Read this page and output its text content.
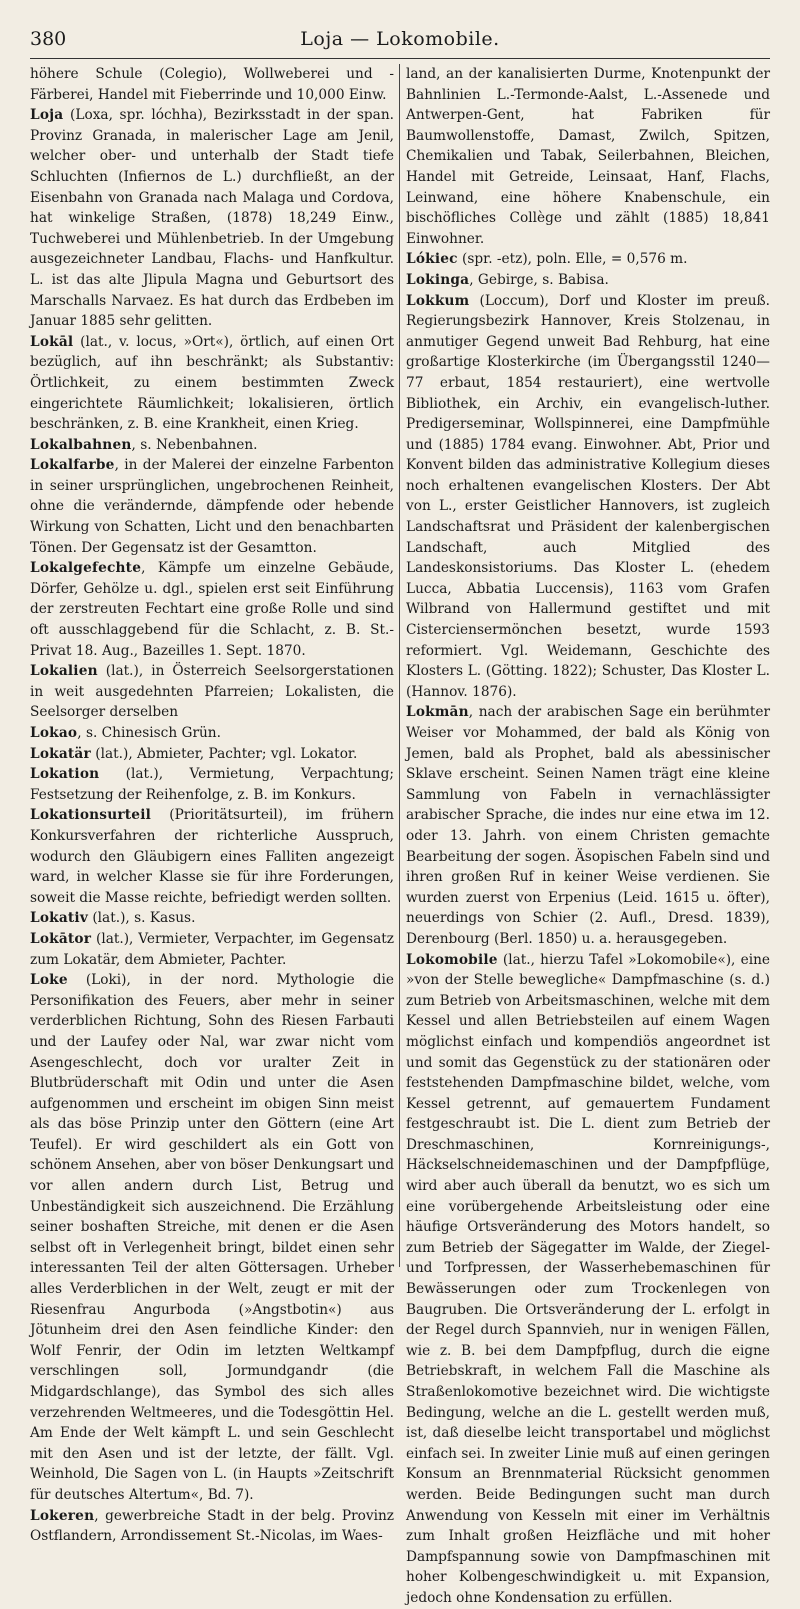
380	Loja — Lokomobile.

höhere Schule (Colegio), Wollweberei und -Färberei, Handel mit Fieberrinde und 10,000 Einw.

Loja (Loxa, spr. lóchha), Bezirksstadt in der span. Provinz Granada, in malerischer Lage am Jenil, welcher ober- und unterhalb der Stadt tiefe Schluchten (Infiernos de L.) durchfließt, an der Eisenbahn von Granada nach Malaga und Cordova, hat winkelige Straßen, (1878) 18,249 Einw., Tuchweberei und Mühlenbetrieb. In der Umgebung ausgezeichneter Landbau, Flachs- und Hanfkultur. L. ist das alte Jlipula Magna und Geburtsort des Marschalls Narvaez. Es hat durch das Erdbeben im Januar 1885 sehr gelitten.

Lokāl (lat., v. locus, »Ort«), örtlich, auf einen Ort bezüglich, auf ihn beschränkt; als Substantiv: Örtlichkeit, zu einem bestimmten Zweck eingerichtete Räumlichkeit; lokalisieren, örtlich beschränken, z. B. eine Krankheit, einen Krieg.

Lokalbahnen, s. Nebenbahnen.

Lokalfarbe, in der Malerei der einzelne Farbenton in seiner ursprünglichen, ungebrochenen Reinheit, ohne die verändernde, dämpfende oder hebende Wirkung von Schatten, Licht und den benachbarten Tönen. Der Gegensatz ist der Gesamtton.

Lokalgefechte, Kämpfe um einzelne Gebäude, Dörfer, Gehölze u. dgl., spielen erst seit Einführung der zerstreuten Fechtart eine große Rolle und sind oft ausschlaggebend für die Schlacht, z. B. St.-Privat 18. Aug., Bazeilles 1. Sept. 1870.

Lokalien (lat.), in Österreich Seelsorgerstationen in weit ausgedehnten Pfarreien; Lokalisten, die Seelsorger derselben

Lokao, s. Chinesisch Grün.

Lokatär (lat.), Abmieter, Pachter; vgl. Lokator.

Lokation (lat.), Vermietung, Verpachtung; Festsetzung der Reihenfolge, z. B. im Konkurs.

Lokationsurteil (Prioritätsurteil), im frühern Konkursverfahren der richterliche Ausspruch, wodurch den Gläubigern eines Falliten angezeigt ward, in welcher Klasse sie für ihre Forderungen, soweit die Masse reichte, befriedigt werden sollten.

Lokativ (lat.), s. Kasus.

Lokātor (lat.), Vermieter, Verpachter, im Gegensatz zum Lokatär, dem Abmieter, Pachter.

Loke (Loki), in der nord. Mythologie die Personifikation des Feuers, aber mehr in seiner verderblichen Richtung, Sohn des Riesen Farbauti und der Laufey oder Nal, war zwar nicht vom Asengeschlecht, doch vor uralter Zeit in Blutbrüderschaft mit Odin und unter die Asen aufgenommen und erscheint im obigen Sinn meist als das böse Prinzip unter den Göttern (eine Art Teufel). Er wird geschildert als ein Gott von schönem Ansehen, aber von böser Denkungsart und vor allen andern durch List, Betrug und Unbeständigkeit sich auszeichnend. Die Erzählung seiner boshaften Streiche, mit denen er die Asen selbst oft in Verlegenheit bringt, bildet einen sehr interessanten Teil der alten Göttersagen. Urheber alles Verderblichen in der Welt, zeugt er mit der Riesenfrau Angurboda (»Angstbotin«) aus Jötunheim drei den Asen feindliche Kinder: den Wolf Fenrir, der Odin im letzten Weltkampf verschlingen soll, Jormundgandr (die Midgardschlange), das Symbol des sich alles verzehrenden Weltmeeres, und die Todesgöttin Hel. Am Ende der Welt kämpft L. und sein Geschlecht mit den Asen und ist der letzte, der fällt. Vgl. Weinhold, Die Sagen von L. (in Haupts »Zeitschrift für deutsches Altertum«, Bd. 7).

Lokeren, gewerbreiche Stadt in der belg. Provinz Ostflandern, Arrondissement St.-Nicolas, im Waes-

land, an der kanalisierten Durme, Knotenpunkt der Bahnlinien L.-Termonde-Aalst, L.-Assenede und Antwerpen-Gent, hat Fabriken für Baumwollenstoffe, Damast, Zwilch, Spitzen, Chemikalien und Tabak, Seilerbahnen, Bleichen, Handel mit Getreide, Leinsaat, Hanf, Flachs, Leinwand, eine höhere Knabenschule, ein bischöfliches Collège und zählt (1885) 18,841 Einwohner.

Lókiec (spr. -etz), poln. Elle, = 0,576 m.

Lokinga, Gebirge, s. Babisa.

Lokkum (Loccum), Dorf und Kloster im preuß. Regierungsbezirk Hannover, Kreis Stolzenau, in anmutiger Gegend unweit Bad Rehburg, hat eine großartige Klosterkirche (im Übergangsstil 1240—77 erbaut, 1854 restauriert), eine wertvolle Bibliothek, ein Archiv, ein evangelisch-luther. Predigerseminar, Wollspinnerei, eine Dampfmühle und (1885) 1784 evang. Einwohner. Abt, Prior und Konvent bilden das administrative Kollegium dieses noch erhaltenen evangelischen Klosters. Der Abt von L., erster Geistlicher Hannovers, ist zugleich Landschaftsrat und Präsident der kalenbergischen Landschaft, auch Mitglied des Landeskonsistoriums. Das Kloster L. (ehedem Lucca, Abbatia Luccensis), 1163 vom Grafen Wilbrand von Hallermund gestiftet und mit Cisterciensermönchen besetzt, wurde 1593 reformiert. Vgl. Weidemann, Geschichte des Klosters L. (Götting. 1822); Schuster, Das Kloster L. (Hannov. 1876).

Lokmān, nach der arabischen Sage ein berühmter Weiser vor Mohammed, der bald als König von Jemen, bald als Prophet, bald als abessinischer Sklave erscheint. Seinen Namen trägt eine kleine Sammlung von Fabeln in vernachlässigter arabischer Sprache, die indes nur eine etwa im 12. oder 13. Jahrh. von einem Christen gemachte Bearbeitung der sogen. Äsopischen Fabeln sind und ihren großen Ruf in keiner Weise verdienen. Sie wurden zuerst von Erpenius (Leid. 1615 u. öfter), neuerdings von Schier (2. Aufl., Dresd. 1839), Derenbourg (Berl. 1850) u. a. herausgegeben.

Lokomobile (lat., hierzu Tafel »Lokomobile«), eine »von der Stelle bewegliche« Dampfmaschine (s. d.) zum Betrieb von Arbeitsmaschinen, welche mit dem Kessel und allen Betriebsteilen auf einem Wagen möglichst einfach und kompendiös angeordnet ist und somit das Gegenstück zu der stationären oder feststehenden Dampfmaschine bildet, welche, vom Kessel getrennt, auf gemauertem Fundament festgeschraubt ist. Die L. dient zum Betrieb der Dreschmaschinen, Kornreinigungs-, Häckselschneidemaschinen und der Dampfpflüge, wird aber auch überall da benutzt, wo es sich um eine vorübergehende Arbeitsleistung oder eine häufige Ortsveränderung des Motors handelt, so zum Betrieb der Sägegatter im Walde, der Ziegel- und Torfpressen, der Wasserhebemaschinen für Bewässerungen oder zum Trockenlegen von Baugruben. Die Ortsveränderung der L. erfolgt in der Regel durch Spannvieh, nur in wenigen Fällen, wie z. B. bei dem Dampfpflug, durch die eigne Betriebskraft, in welchem Fall die Maschine als Straßenlokomotive bezeichnet wird. Die wichtigste Bedingung, welche an die L. gestellt werden muß, ist, daß dieselbe leicht transportabel und möglichst einfach sei. In zweiter Linie muß auf einen geringen Konsum an Brennmaterial Rücksicht genommen werden. Beide Bedingungen sucht man durch Anwendung von Kesseln mit einer im Verhältnis zum Inhalt großen Heizfläche und mit hoher Dampfspannung sowie von Dampfmaschinen mit hoher Kolbengeschwindigkeit u. mit Expansion, jedoch ohne Kondensation zu erfüllen.
